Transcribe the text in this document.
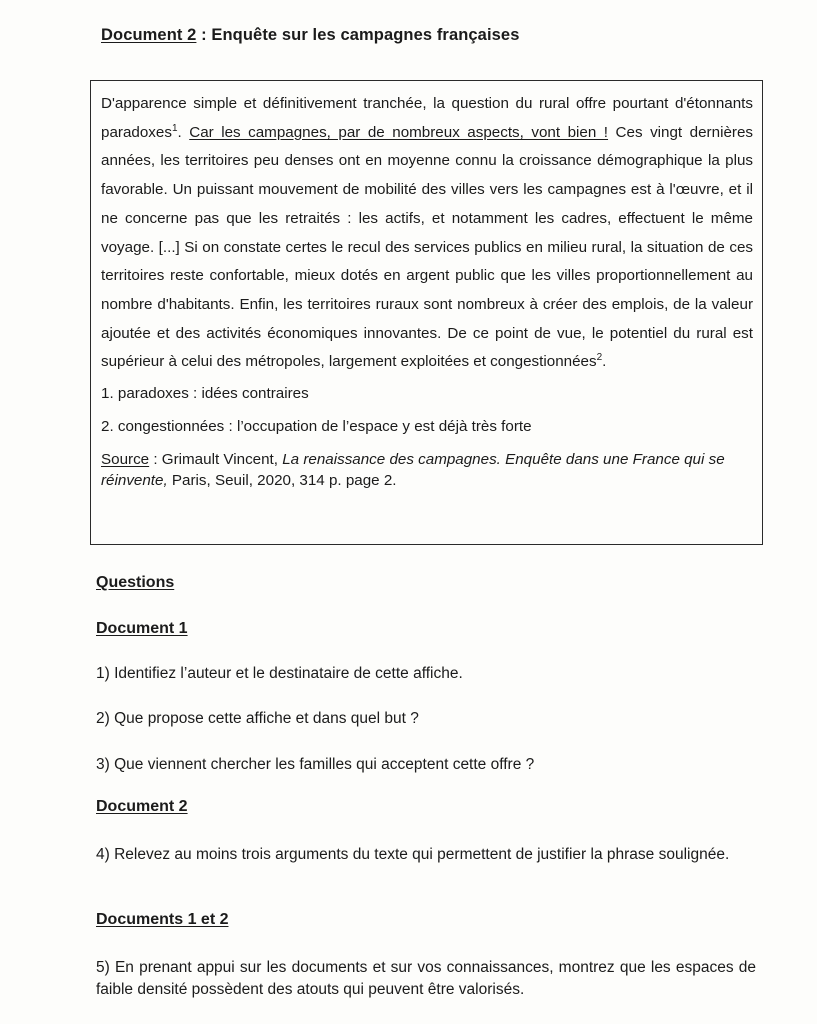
Document 2 : Enquête sur les campagnes françaises

D'apparence simple et définitivement tranchée, la question du rural offre pourtant d'étonnants paradoxes$^1$. Car les campagnes, par de nombreux aspects, vont bien ! Ces vingt dernières années, les territoires peu denses ont en moyenne connu la croissance démographique la plus favorable. Un puissant mouvement de mobilité des villes vers les campagnes est à l'œuvre, et il ne concerne pas que les retraités : les actifs, et notamment les cadres, effectuent le même voyage. [...] Si on constate certes le recul des services publics en milieu rural, la situation de ces territoires reste confortable, mieux dotés en argent public que les villes proportionnellement au nombre d'habitants. Enfin, les territoires ruraux sont nombreux à créer des emplois, de la valeur ajoutée et des activités économiques innovantes. De ce point de vue, le potentiel du rural est supérieur à celui des métropoles, largement exploitées et congestionnées$^2$.

1. paradoxes : idées contraires

2. congestionnées : l’occupation de l’espace y est déjà très forte

Source : Grimault Vincent, La renaissance des campagnes. Enquête dans une France qui se réinvente, Paris, Seuil, 2020, 314 p. page 2.

Questions

Document 1

1) Identifiez l’auteur et le destinataire de cette affiche.

2) Que propose cette affiche et dans quel but ?

3) Que viennent chercher les familles qui acceptent cette offre ?

Document 2

4) Relevez au moins trois arguments du texte qui permettent de justifier la phrase soulignée.

Documents 1 et 2

5) En prenant appui sur les documents et sur vos connaissances, montrez que les espaces de faible densité possèdent des atouts qui peuvent être valorisés.
